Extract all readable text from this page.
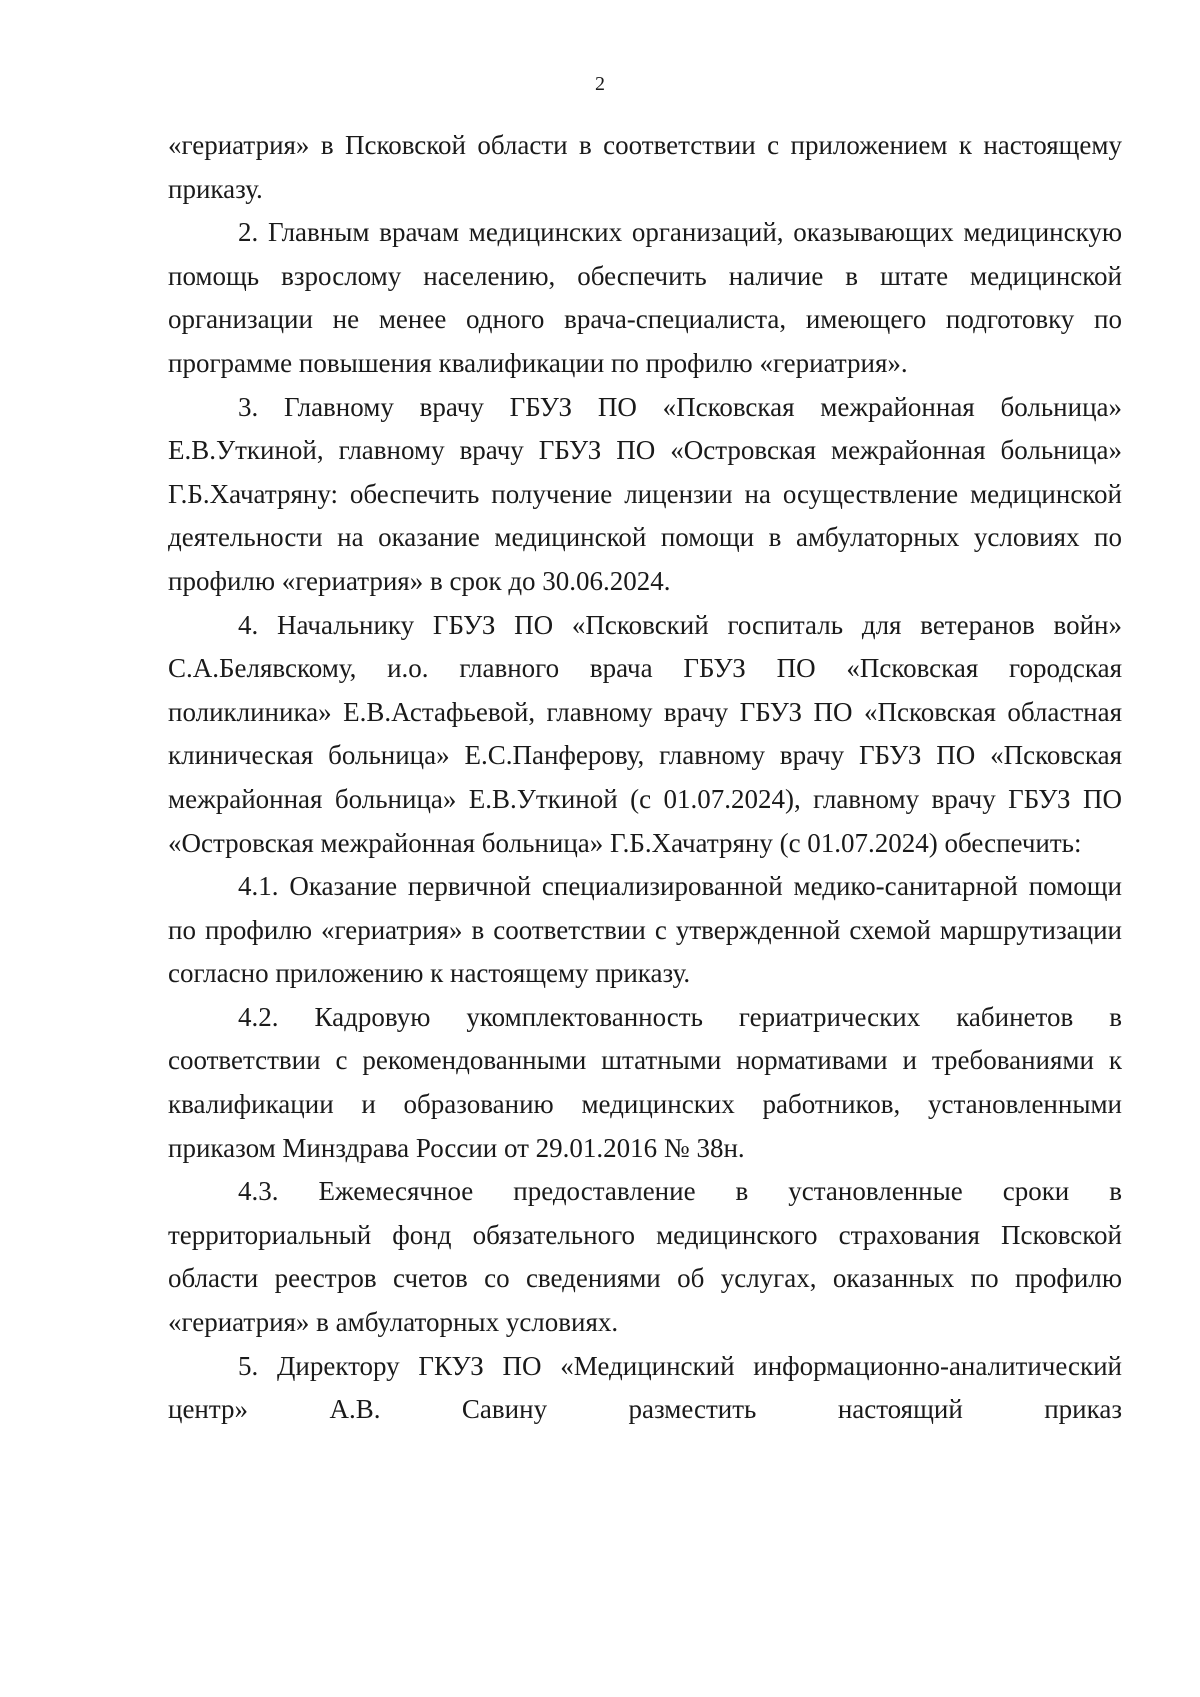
2

«гериатрия» в Псковской области в соответствии с приложением к настоящему приказу.

2. Главным врачам медицинских организаций, оказывающих медицинскую помощь взрослому населению, обеспечить наличие в штате медицинской организации не менее одного врача-специалиста, имеющего подготовку по программе повышения квалификации по профилю «гериатрия».

3. Главному врачу ГБУЗ ПО «Псковская межрайонная больница» Е.В.Уткиной, главному врачу ГБУЗ ПО «Островская межрайонная больница» Г.Б.Хачатряну: обеспечить получение лицензии на осуществление медицинской деятельности на оказание медицинской помощи в амбулаторных условиях по профилю «гериатрия» в срок до 30.06.2024.

4. Начальнику ГБУЗ ПО «Псковский госпиталь для ветеранов войн» С.А.Белявскому, и.о. главного врача ГБУЗ ПО «Псковская городская поликлиника» Е.В.Астафьевой, главному врачу ГБУЗ ПО «Псковская областная клиническая больница» Е.С.Панферову, главному врачу ГБУЗ ПО «Псковская межрайонная больница» Е.В.Уткиной (с 01.07.2024), главному врачу ГБУЗ ПО «Островская межрайонная больница» Г.Б.Хачатряну (с 01.07.2024) обеспечить:

4.1. Оказание первичной специализированной медико-санитарной помощи по профилю «гериатрия» в соответствии с утвержденной схемой маршрутизации согласно приложению к настоящему приказу.

4.2. Кадровую укомплектованность гериатрических кабинетов в соответствии с рекомендованными штатными нормативами и требованиями к квалификации и образованию медицинских работников, установленными приказом Минздрава России от 29.01.2016 № 38н.

4.3. Ежемесячное предоставление в установленные сроки в территориальный фонд обязательного медицинского страхования Псковской области реестров счетов со сведениями об услугах, оказанных по профилю «гериатрия» в амбулаторных условиях.

5. Директору ГКУЗ ПО «Медицинский информационно-аналитический центр» А.В. Савину разместить настоящий приказ
